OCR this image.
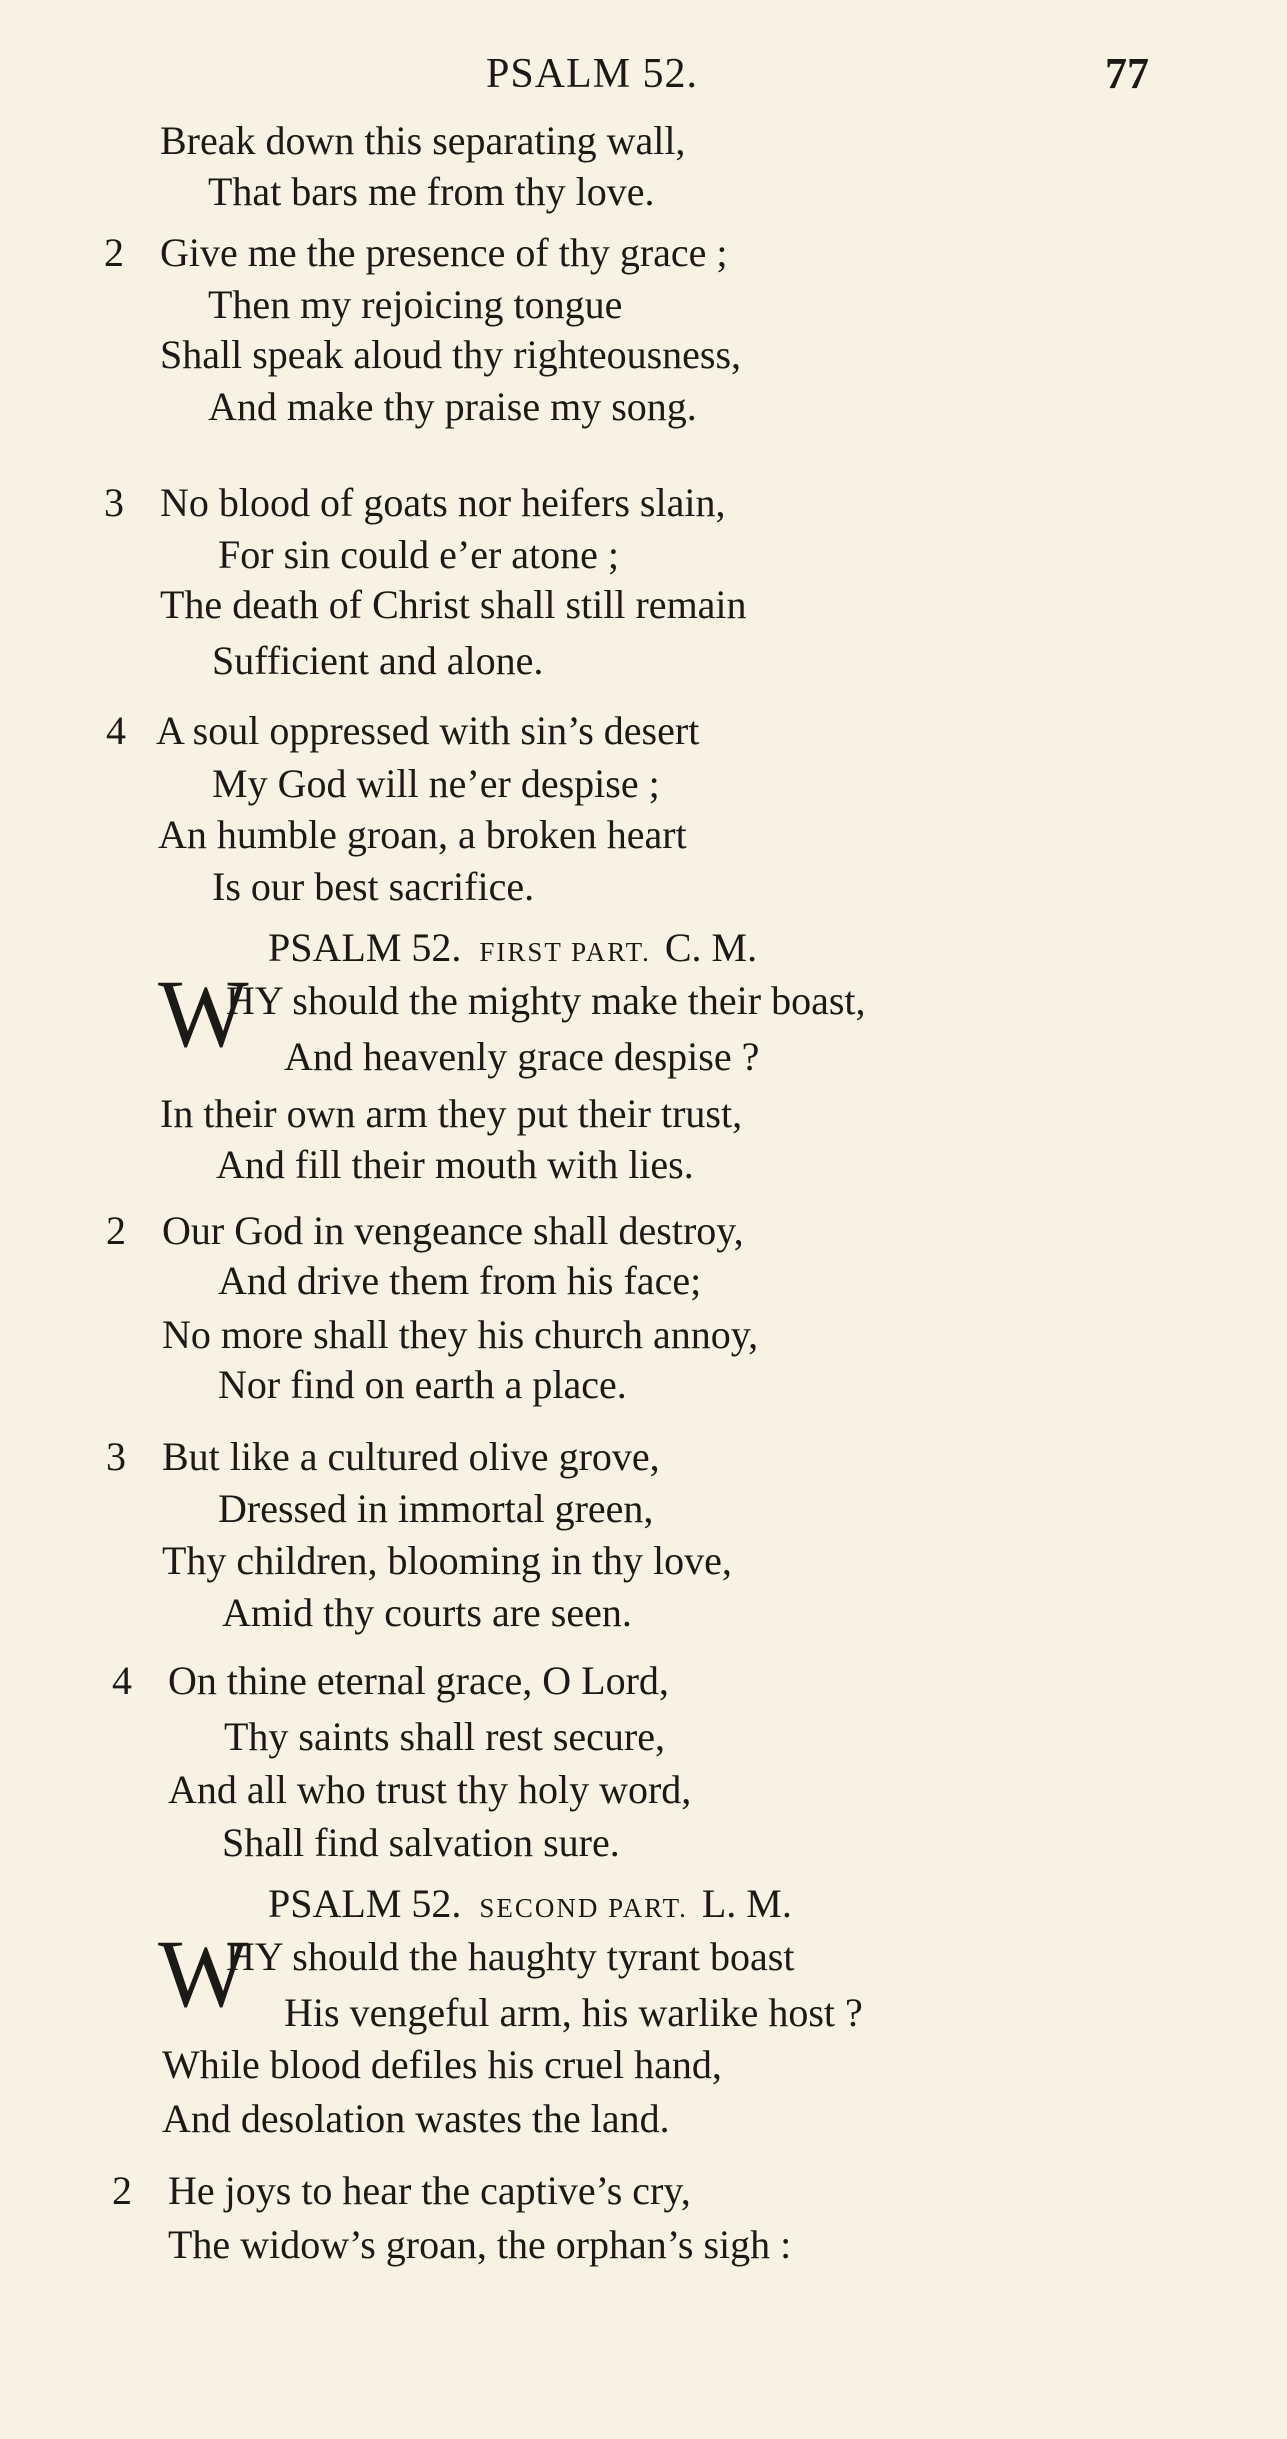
PSALM 52.	77
Break down this separating wall,
That bars me from thy love.
2 Give me the presence of thy grace ;
Then my rejoicing tongue
Shall speak aloud thy righteousness,
And make thy praise my song.
3 No blood of goats nor heifers slain,
For sin could e’er atone ;
The death of Christ shall still remain
Sufficient and alone.
4 A soul oppressed with sin’s desert
My God will ne’er despise ;
An humble groan, a broken heart
Is our best sacrifice.
PSALM 52. FIRST PART. C. M.
W
HY should the mighty make their boast,
And heavenly grace despise ?
In their own arm they put their trust,
And fill their mouth with lies.
2 Our God in vengeance shall destroy,
And drive them from his face;
No more shall they his church annoy,
Nor find on earth a place.
3 But like a cultured olive grove,
Dressed in immortal green,
Thy children, blooming in thy love,
Amid thy courts are seen.
4 On thine eternal grace, O Lord,
Thy saints shall rest secure,
And all who trust thy holy word,
Shall find salvation sure.
PSALM 52. SECOND PART. L. M.
W
HY should the haughty tyrant boast
His vengeful arm, his warlike host ?
While blood defiles his cruel hand,
And desolation wastes the land.
2 He joys to hear the captive’s cry,
The widow’s groan, the orphan’s sigh :
